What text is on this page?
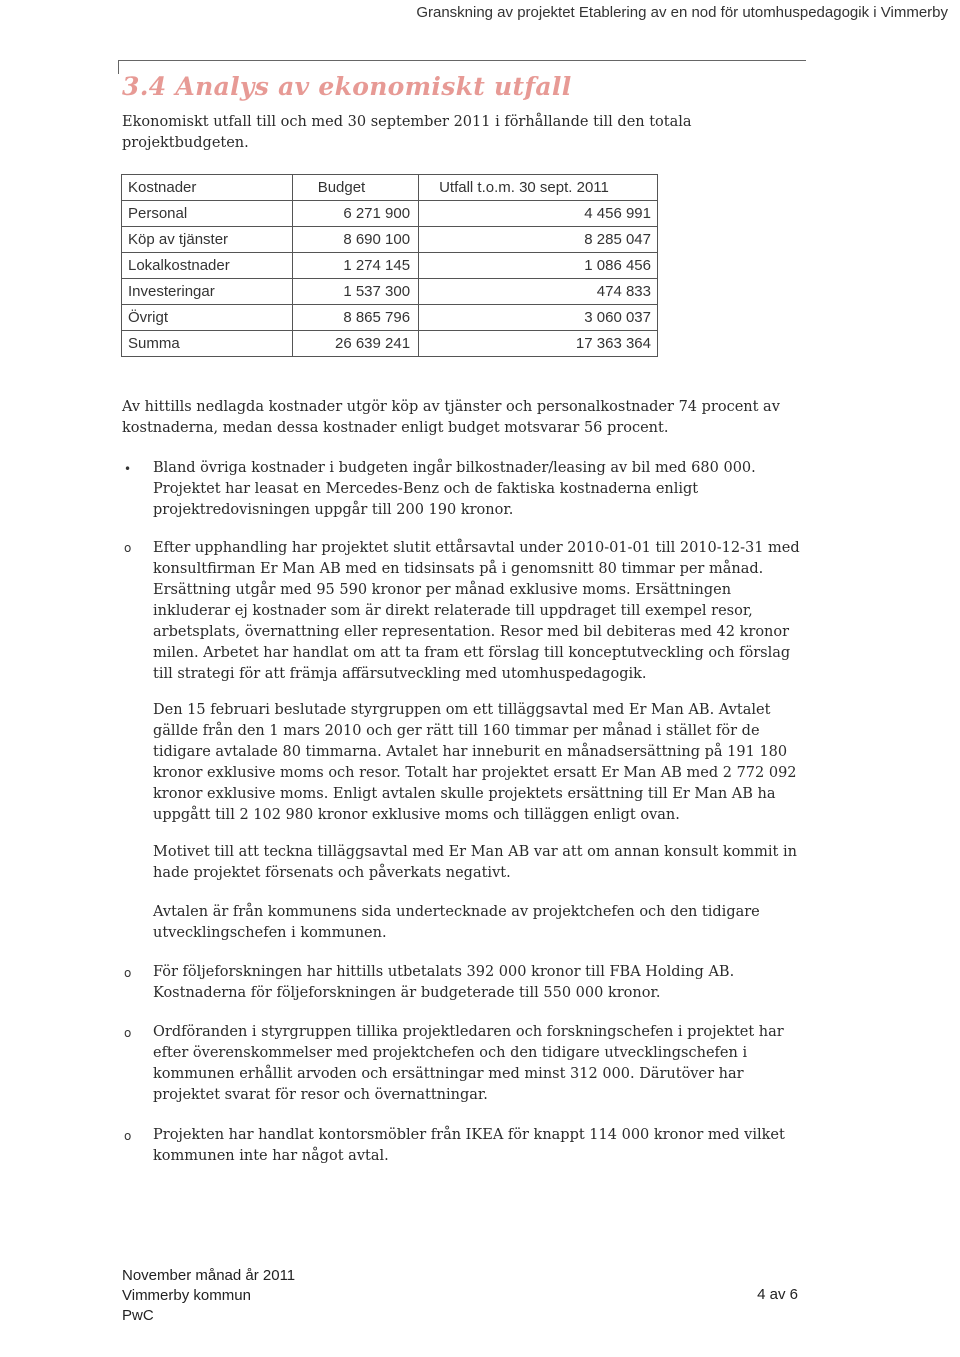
Granskning av projektet Etablering av en nod för utomhuspedagogik i Vimmerby
3.4 Analys av ekonomiskt utfall
Ekonomiskt utfall till och med 30 september 2011 i förhållande till den totala projektbudgeten.
Kostnader	Budget	Utfall t.o.m. 30 sept. 2011
Personal	6 271 900	4 456 991
Köp av tjänster	8 690 100	8 285 047
Lokalkostnader	1 274 145	1 086 456
Investeringar	1 537 300	474 833
Övrigt	8 865 796	3 060 037
Summa	26 639 241	17 363 364
Av hittills nedlagda kostnader utgör köp av tjänster och personalkostnader 74 procent av kostnaderna, medan dessa kostnader enligt budget motsvarar 56 procent.
• Bland övriga kostnader i budgeten ingår bilkostnader/leasing av bil med 680 000. Projektet har leasat en Mercedes-Benz och de faktiska kostnaderna enligt projektredovisningen uppgår till 200 190 kronor.
o Efter upphandling har projektet slutit ettårsavtal under 2010-01-01 till 2010-12-31 med konsultfirman Er Man AB med en tidsinsats på i genomsnitt 80 timmar per månad. Ersättning utgår med 95 590 kronor per månad exklusive moms. Ersättningen inkluderar ej kostnader som är direkt relaterade till uppdraget till exempel resor, arbetsplats, övernattning eller representation. Resor med bil debiteras med 42 kronor milen. Arbetet har handlat om att ta fram ett förslag till konceptutveckling och förslag till strategi för att främja affärsutveckling med utomhuspedagogik.
Den 15 februari beslutade styrgruppen om ett tilläggsavtal med Er Man AB. Avtalet gällde från den 1 mars 2010 och ger rätt till 160 timmar per månad i stället för de tidigare avtalade 80 timmarna. Avtalet har inneburit en månadsersättning på 191 180 kronor exklusive moms och resor. Totalt har projektet ersatt Er Man AB med 2 772 092 kronor exklusive moms. Enligt avtalen skulle projektets ersättning till Er Man AB ha uppgått till 2 102 980 kronor exklusive moms och tilläggen enligt ovan.
Motivet till att teckna tilläggsavtal med Er Man AB var att om annan konsult kommit in hade projektet försenats och påverkats negativt.
Avtalen är från kommunens sida undertecknade av projektchefen och den tidigare utvecklingschefen i kommunen.
o För följeforskningen har hittills utbetalats 392 000 kronor till FBA Holding AB. Kostnaderna för följeforskningen är budgeterade till 550 000 kronor.
o Ordföranden i styrgruppen tillika projektledaren och forskningschefen i projektet har efter överenskommelser med projektchefen och den tidigare utvecklingschefen i kommunen erhållit arvoden och ersättningar med minst 312 000. Därutöver har projektet svarat för resor och övernattningar.
o Projekten har handlat kontorsmöbler från IKEA för knappt 114 000 kronor med vilket kommunen inte har något avtal.
November månad år 2011
Vimmerby kommun
PwC
4 av 6
